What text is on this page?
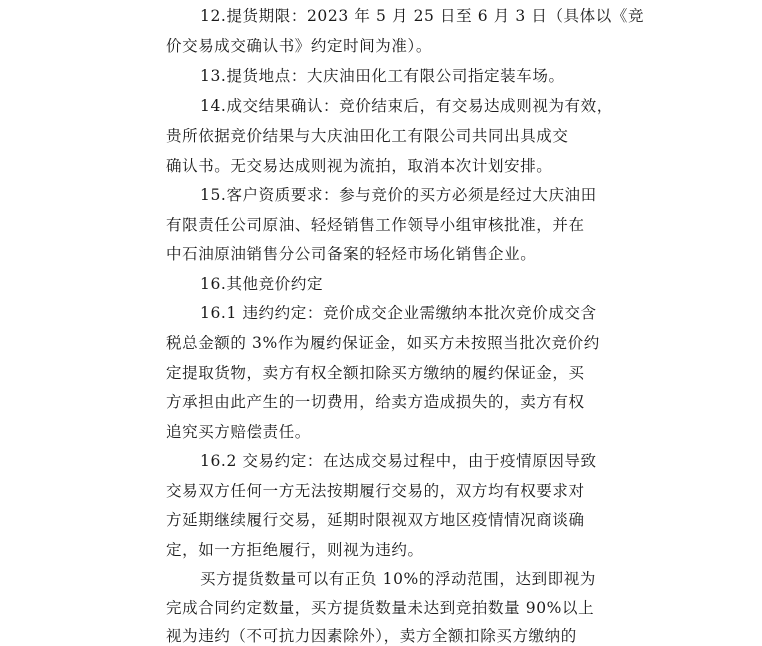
12.提货期限：2023 年 5 月 25 日至 6 月 3 日（具体以《竞
价交易成交确认书》约定时间为准）。
13.提货地点：大庆油田化工有限公司指定装车场。
14.成交结果确认：竞价结束后，有交易达成则视为有效，
贵所依据竞价结果与大庆油田化工有限公司共同出具成交
确认书。无交易达成则视为流拍，取消本次计划安排。
15.客户资质要求：参与竞价的买方必须是经过大庆油田
有限责任公司原油、轻烃销售工作领导小组审核批准，并在
中石油原油销售分公司备案的轻烃市场化销售企业。
16.其他竞价约定
16.1 违约约定：竞价成交企业需缴纳本批次竞价成交含
税总金额的 3%作为履约保证金，如买方未按照当批次竞价约
定提取货物，卖方有权全额扣除买方缴纳的履约保证金，买
方承担由此产生的一切费用，给卖方造成损失的，卖方有权
追究买方赔偿责任。
16.2 交易约定：在达成交易过程中，由于疫情原因导致
交易双方任何一方无法按期履行交易的，双方均有权要求对
方延期继续履行交易，延期时限视双方地区疫情情况商谈确
定，如一方拒绝履行，则视为违约。
买方提货数量可以有正负 10%的浮动范围，达到即视为
完成合同约定数量，买方提货数量未达到竞拍数量 90%以上
视为违约（不可抗力因素除外），卖方全额扣除买方缴纳的
